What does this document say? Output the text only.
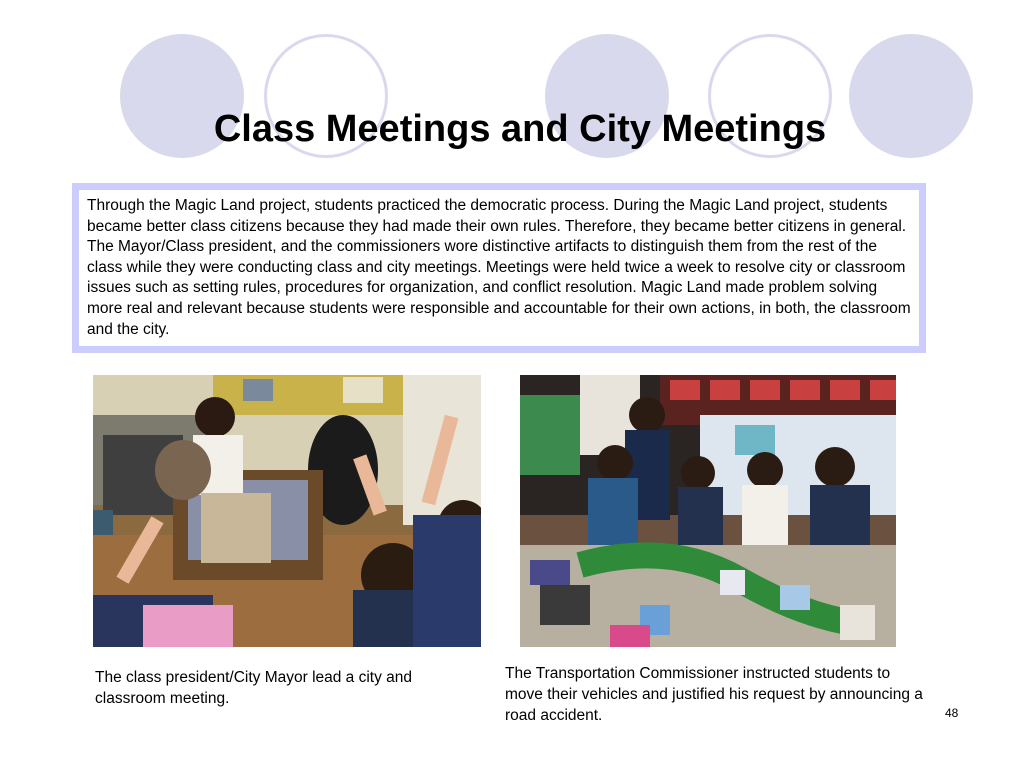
Class Meetings and City Meetings
Through the Magic Land project, students practiced the democratic process. During the Magic Land project, students became better class citizens because they had made their own rules. Therefore, they became better citizens in general. The Mayor/Class president, and the commissioners wore distinctive artifacts to distinguish them from the rest of the class while they were conducting class and city meetings. Meetings were held twice a week to resolve city or classroom issues such as setting rules, procedures for organization, and conflict resolution. Magic Land made problem solving more real and relevant because students were responsible and accountable for their own actions, in both, the classroom and the city.

The class president/City Mayor lead a city and classroom meeting.

The Transportation Commissioner instructed students to move their vehicles and justified his request by announcing a road accident.	48
